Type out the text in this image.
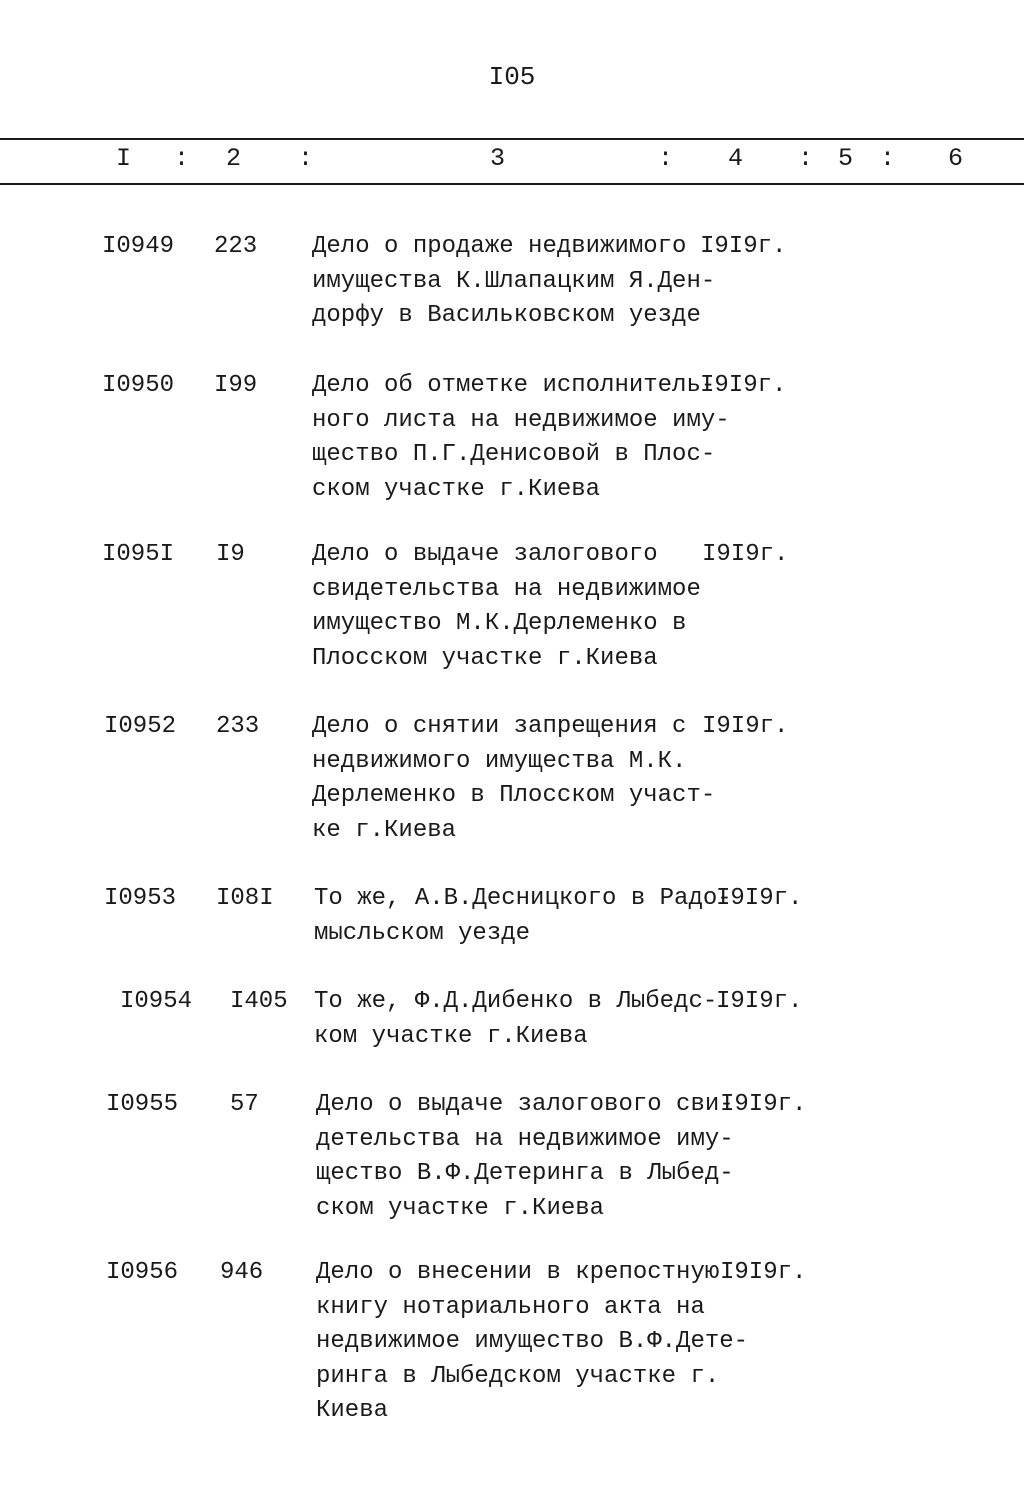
I05
I : 2 :	3	: 4 : 5 : 6
I0949 223 Дело о продаже недвижимого
имущества К.Шлапацким Я.Ден-
дорфу в Васильковском уезде
I9I9г.
I0950 I99 Дело об отметке исполнитель-
ного листа на недвижимое иму-
щество П.Г.Денисовой в Плос-
ском участке г.Киева
I9I9г.
I095I I9	Дело о выдаче залогового
свидетельства на недвижимое
имущество М.К.Дерлеменко в
Плосском участке г.Киева
I9I9г.
I0952 233 Дело о снятии запрещения с
недвижимого имущества М.К.
Дерлеменко в Плосском участ-
ке г.Киева
I9I9г.
I0953 I08I То же, А.В.Десницкого в Радо-
мысльском уезде
I9I9г.
I0954 I405 То же, Ф.Д.Дибенко в Лыбедс-
ком участке г.Киева
I9I9г.
I0955 57 Дело о выдаче залогового сви-
детельства на недвижимое иму-
щество В.Ф.Детеринга в Лыбед-
ском участке г.Киева
I9I9г.
I0956 946 Дело о внесении в крепостную
книгу нотариального акта на
недвижимое имущество В.Ф.Дете-
ринга в Лыбедском участке г.
Киева
I9I9г.
